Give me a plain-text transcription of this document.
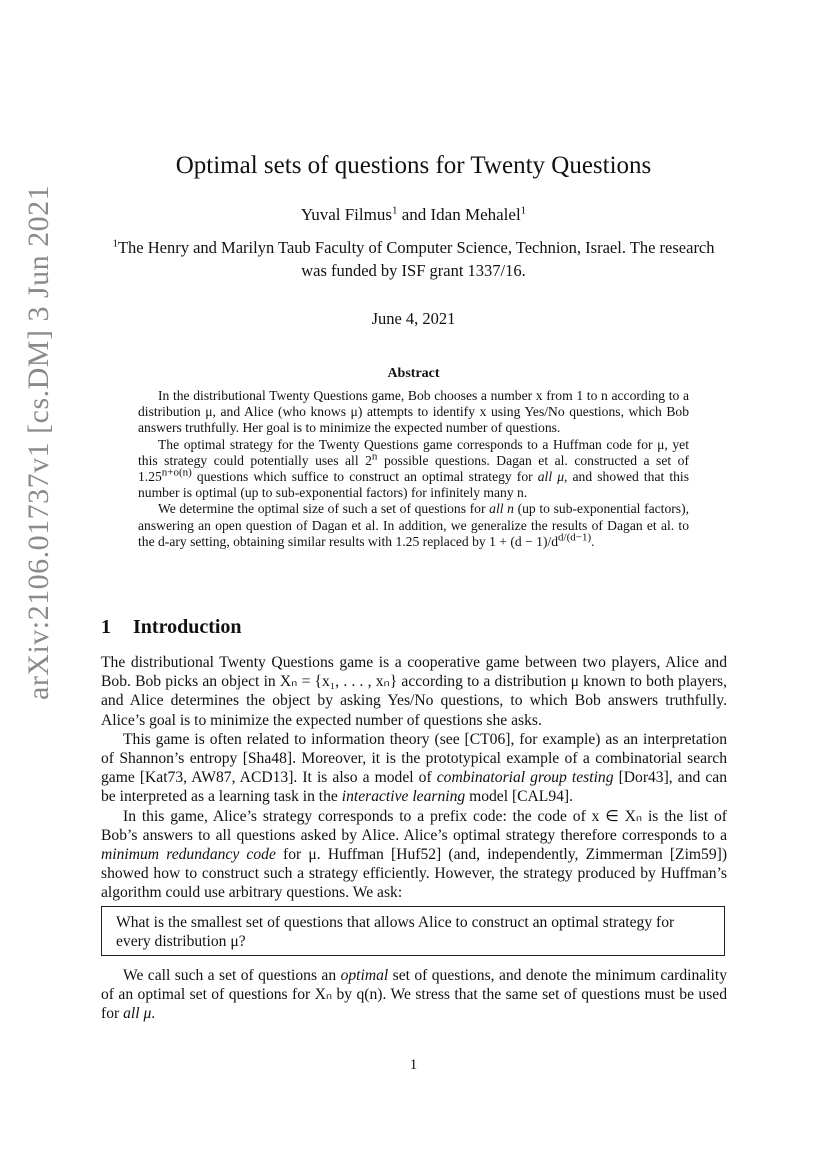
arXiv:2106.01737v1 [cs.DM] 3 Jun 2021
Optimal sets of questions for Twenty Questions
Yuval Filmus$^1$ and Idan Mehalel$^1$
$^1$The Henry and Marilyn Taub Faculty of Computer Science, Technion, Israel. The research was funded by ISF grant 1337/16.
June 4, 2021
Abstract

In the distributional Twenty Questions game, Bob chooses a number x from 1 to n according to a distribution μ, and Alice (who knows μ) attempts to identify x using Yes/No questions, which Bob answers truthfully. Her goal is to minimize the expected number of questions.

The optimal strategy for the Twenty Questions game corresponds to a Huffman code for μ, yet this strategy could potentially uses all 2$^n$ possible questions. Dagan et al. constructed a set of $1.25^{n+o(n)}$ questions which suffice to construct an optimal strategy for all μ, and showed that this number is optimal (up to sub-exponential factors) for infinitely many n.

We determine the optimal size of such a set of questions for all n (up to sub-exponential factors), answering an open question of Dagan et al. In addition, we generalize the results of Dagan et al. to the d-ary setting, obtaining similar results with 1.25 replaced by $1 + (d - 1)/d^{d/(d-1)}$.

1 Introduction

The distributional Twenty Questions game is a cooperative game between two players, Alice and Bob. Bob picks an object in Xₙ = {x₁, . . . , xₙ} according to a distribution μ known to both players, and Alice determines the object by asking Yes/No questions, to which Bob answers truthfully. Alice’s goal is to minimize the expected number of questions she asks.

This game is often related to information theory (see [CT06], for example) as an interpretation of Shannon’s entropy [Sha48]. Moreover, it is the prototypical example of a combinatorial search game [Kat73, AW87, ACD13]. It is also a model of combinatorial group testing [Dor43], and can be interpreted as a learning task in the interactive learning model [CAL94].

In this game, Alice’s strategy corresponds to a prefix code: the code of x ∈ Xₙ is the list of Bob’s answers to all questions asked by Alice. Alice’s optimal strategy therefore corresponds to a minimum redundancy code for μ. Huffman [Huf52] (and, independently, Zimmerman [Zim59]) showed how to construct such a strategy efficiently. However, the strategy produced by Huffman’s algorithm could use arbitrary questions. We ask:

What is the smallest set of questions that allows Alice to construct an optimal strategy for every distribution μ?

We call such a set of questions an optimal set of questions, and denote the minimum cardinality of an optimal set of questions for Xₙ by q(n). We stress that the same set of questions must be used for all μ.

1
